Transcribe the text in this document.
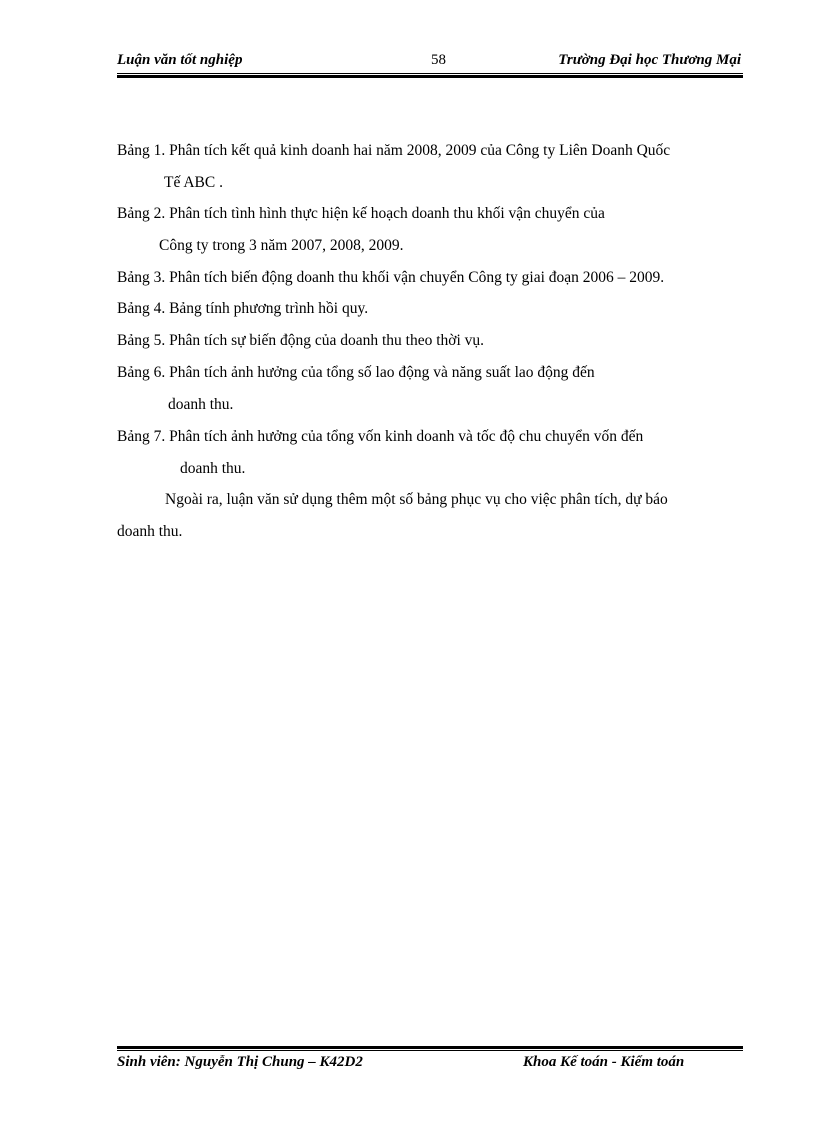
Luận văn tốt nghiệp	58	Trường Đại học Thương Mại
Bảng 1. Phân tích kết quả kinh doanh hai năm 2008, 2009 của Công ty Liên Doanh Quốc
Tế ABC .
Bảng 2. Phân tích tình hình thực hiện kế hoạch doanh thu khối vận chuyển của
Công ty trong 3 năm 2007, 2008, 2009.
Bảng 3. Phân tích biến động doanh thu khối vận chuyển Công ty giai đoạn 2006 – 2009.
Bảng 4. Bảng tính phương trình hồi quy.
Bảng 5. Phân tích sự biến động của doanh thu theo thời vụ.
Bảng 6. Phân tích ảnh hưởng của tổng số lao động và năng suất lao động đến
doanh thu.
Bảng 7. Phân tích ảnh hưởng của tổng vốn kinh doanh và tốc độ chu chuyển vốn đến
doanh thu.
Ngoài ra, luận văn sử dụng thêm một số bảng phục vụ cho việc phân tích, dự báo
doanh thu.
Sinh viên: Nguyễn Thị Chung – K42D2	Khoa Kế toán - Kiểm toán
